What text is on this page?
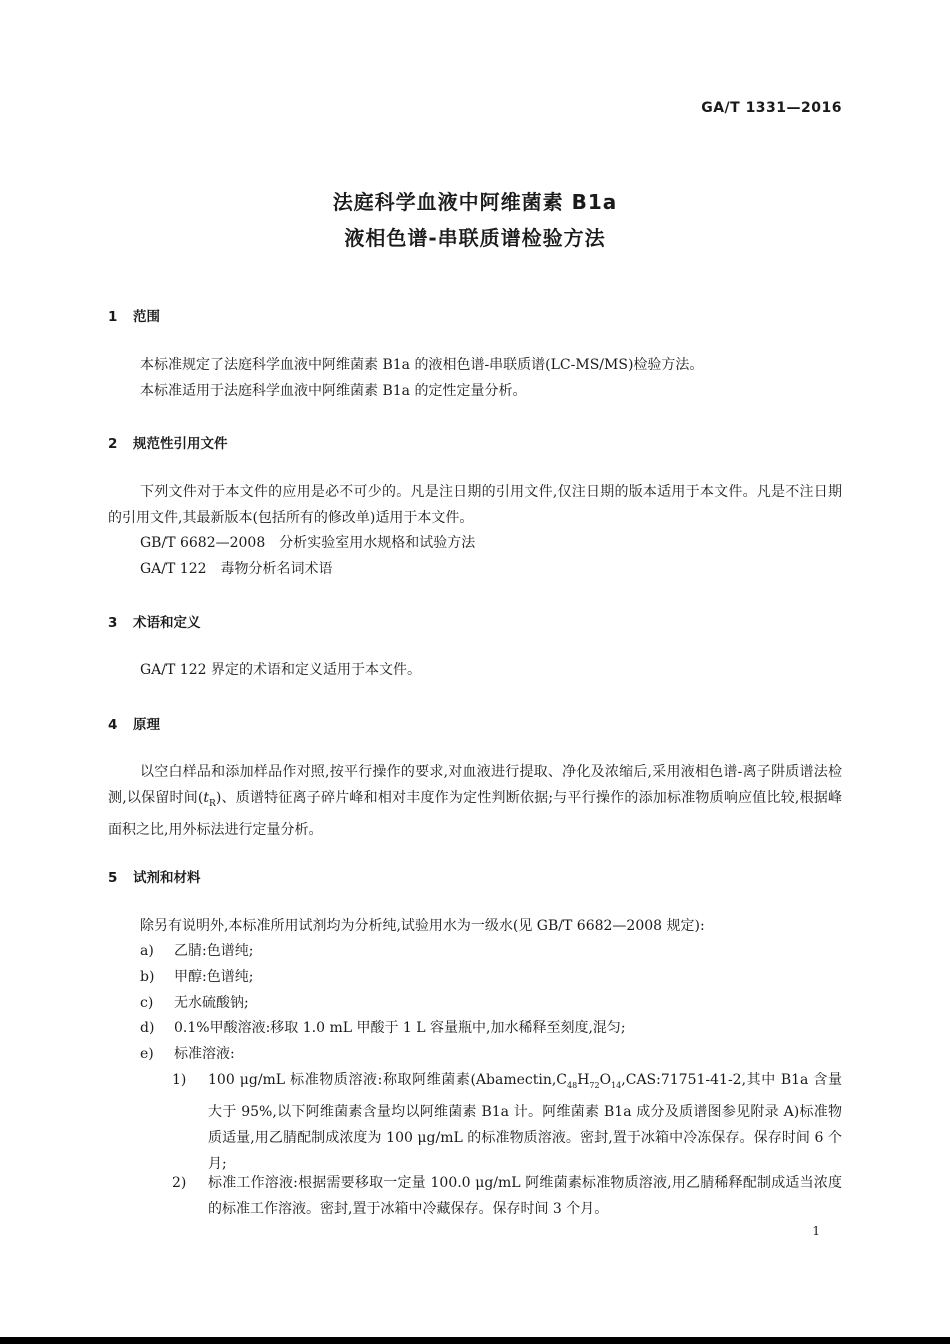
GA/T 1331—2016
法庭科学血液中阿维菌素 B1a
液相色谱-串联质谱检验方法
1 范围
本标准规定了法庭科学血液中阿维菌素 B1a 的液相色谱-串联质谱(LC-MS/MS)检验方法。
本标准适用于法庭科学血液中阿维菌素 B1a 的定性定量分析。
2 规范性引用文件
下列文件对于本文件的应用是必不可少的。凡是注日期的引用文件,仅注日期的版本适用于本文件。凡是不注日期的引用文件,其最新版本(包括所有的修改单)适用于本文件。
GB/T 6682—2008　分析实验室用水规格和试验方法
GA/T 122　毒物分析名词术语
3 术语和定义
GA/T 122 界定的术语和定义适用于本文件。
4 原理
以空白样品和添加样品作对照,按平行操作的要求,对血液进行提取、净化及浓缩后,采用液相色谱-离子阱质谱法检测,以保留时间$(t_R)$、质谱特征离子碎片峰和相对丰度作为定性判断依据;与平行操作的添加标准物质响应值比较,根据峰面积之比,用外标法进行定量分析。
5 试剂和材料
除另有说明外,本标准所用试剂均为分析纯,试验用水为一级水(见 GB/T 6682—2008 规定):
a) 乙腈:色谱纯;
b) 甲醇:色谱纯;
c) 无水硫酸钠;
d) 0.1%甲酸溶液:移取 1.0 mL 甲酸于 1 L 容量瓶中,加水稀释至刻度,混匀;
e) 标准溶液:
1) 100 μg/mL 标准物质溶液:称取阿维菌素($Abamectin,C_{48}H_{72}O_{14},CAS:71751-41-2$,其中 B1a 含量大于 95%,以下阿维菌素含量均以阿维菌素 B1a 计。阿维菌素 B1a 成分及质谱图参见附录 A)标准物质适量,用乙腈配制成浓度为 100 μg/mL 的标准物质溶液。密封,置于冰箱中冷冻保存。保存时间 6 个月;
2) 标准工作溶液:根据需要移取一定量 100.0 μg/mL 阿维菌素标准物质溶液,用乙腈稀释配制成适当浓度的标准工作溶液。密封,置于冰箱中冷藏保存。保存时间 3 个月。
1
